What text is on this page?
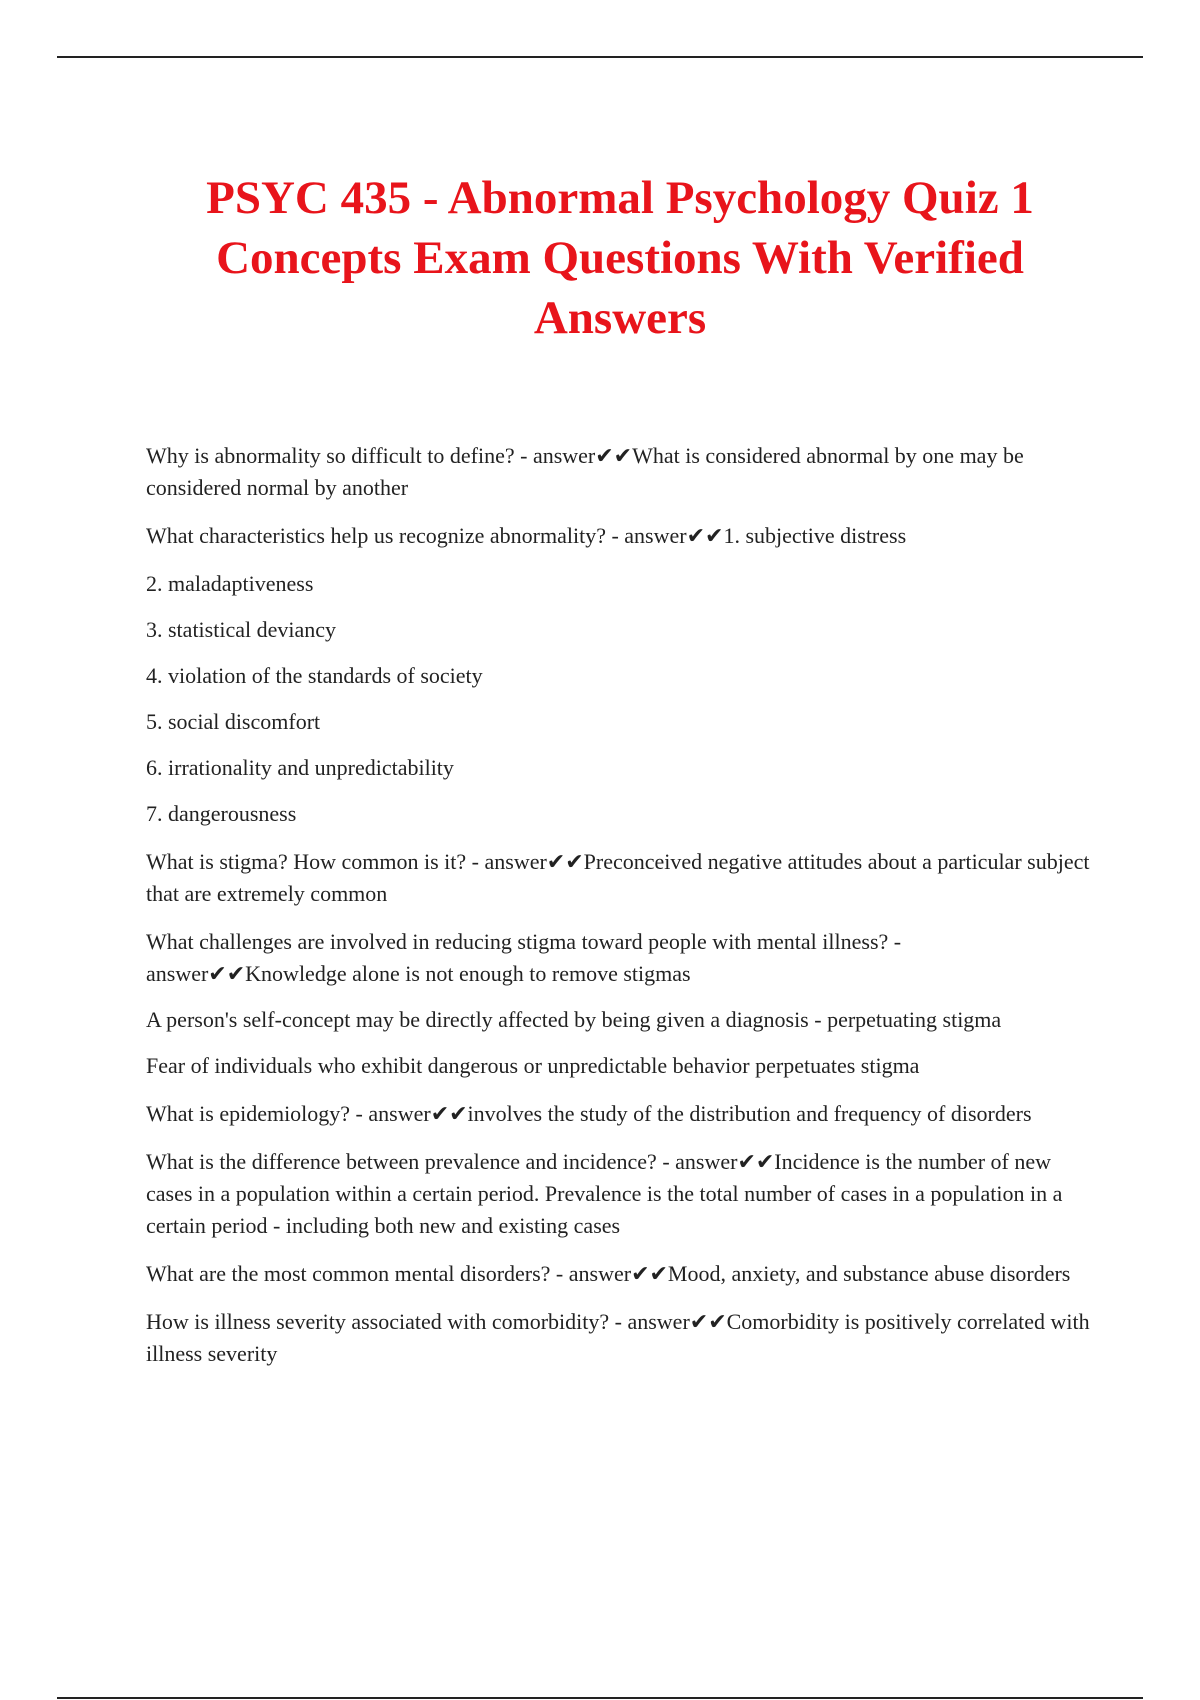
PSYC 435 - Abnormal Psychology Quiz 1
Concepts Exam Questions With Verified
Answers

Why is abnormality so difficult to define? - answer✔✔What is considered abnormal by one may be considered normal by another

What characteristics help us recognize abnormality? - answer✔✔1. subjective distress

2. maladaptiveness

3. statistical deviancy

4. violation of the standards of society

5. social discomfort

6. irrationality and unpredictability

7. dangerousness

What is stigma? How common is it? - answer✔✔Preconceived negative attitudes about a particular subject that are extremely common

What challenges are involved in reducing stigma toward people with mental illness? - answer✔✔Knowledge alone is not enough to remove stigmas

A person's self-concept may be directly affected by being given a diagnosis - perpetuating stigma

Fear of individuals who exhibit dangerous or unpredictable behavior perpetuates stigma

What is epidemiology? - answer✔✔involves the study of the distribution and frequency of disorders

What is the difference between prevalence and incidence? - answer✔✔Incidence is the number of new cases in a population within a certain period. Prevalence is the total number of cases in a population in a certain period - including both new and existing cases

What are the most common mental disorders? - answer✔✔Mood, anxiety, and substance abuse disorders

How is illness severity associated with comorbidity? - answer✔✔Comorbidity is positively correlated with illness severity
